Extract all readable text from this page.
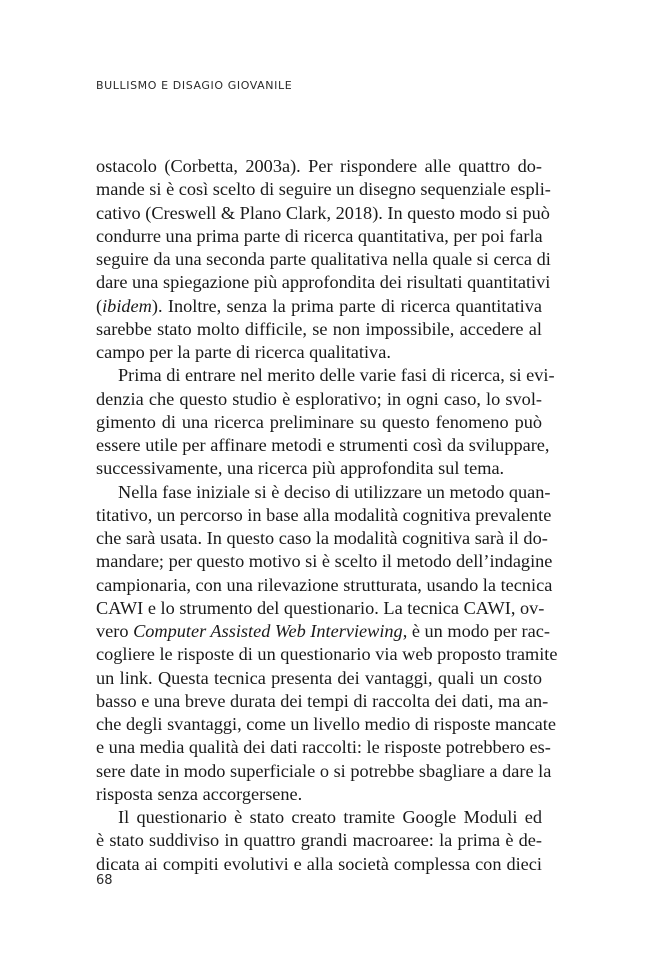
BULLISMO E DISAGIO GIOVANILE
ostacolo (Corbetta, 2003a). Per rispondere alle quattro do-
mande si è così scelto di seguire un disegno sequenziale espli-
cativo (Creswell & Plano Clark, 2018). In questo modo si può
condurre una prima parte di ricerca quantitativa, per poi farla
seguire da una seconda parte qualitativa nella quale si cerca di
dare una spiegazione più approfondita dei risultati quantitativi
(ibidem). Inoltre, senza la prima parte di ricerca quantitativa
sarebbe stato molto difficile, se non impossibile, accedere al
campo per la parte di ricerca qualitativa.
Prima di entrare nel merito delle varie fasi di ricerca, si evi-
denzia che questo studio è esplorativo; in ogni caso, lo svol-
gimento di una ricerca preliminare su questo fenomeno può
essere utile per affinare metodi e strumenti così da sviluppare,
successivamente, una ricerca più approfondita sul tema.
Nella fase iniziale si è deciso di utilizzare un metodo quan-
titativo, un percorso in base alla modalità cognitiva prevalente
che sarà usata. In questo caso la modalità cognitiva sarà il do-
mandare; per questo motivo si è scelto il metodo dell’indagine
campionaria, con una rilevazione strutturata, usando la tecnica
CAWI e lo strumento del questionario. La tecnica CAWI, ov-
vero Computer Assisted Web Interviewing, è un modo per rac-
cogliere le risposte di un questionario via web proposto tramite
un link. Questa tecnica presenta dei vantaggi, quali un costo
basso e una breve durata dei tempi di raccolta dei dati, ma an-
che degli svantaggi, come un livello medio di risposte mancate
e una media qualità dei dati raccolti: le risposte potrebbero es-
sere date in modo superficiale o si potrebbe sbagliare a dare la
risposta senza accorgersene.
Il questionario è stato creato tramite Google Moduli ed
è stato suddiviso in quattro grandi macroaree: la prima è de-
dicata ai compiti evolutivi e alla società complessa con dieci
68
